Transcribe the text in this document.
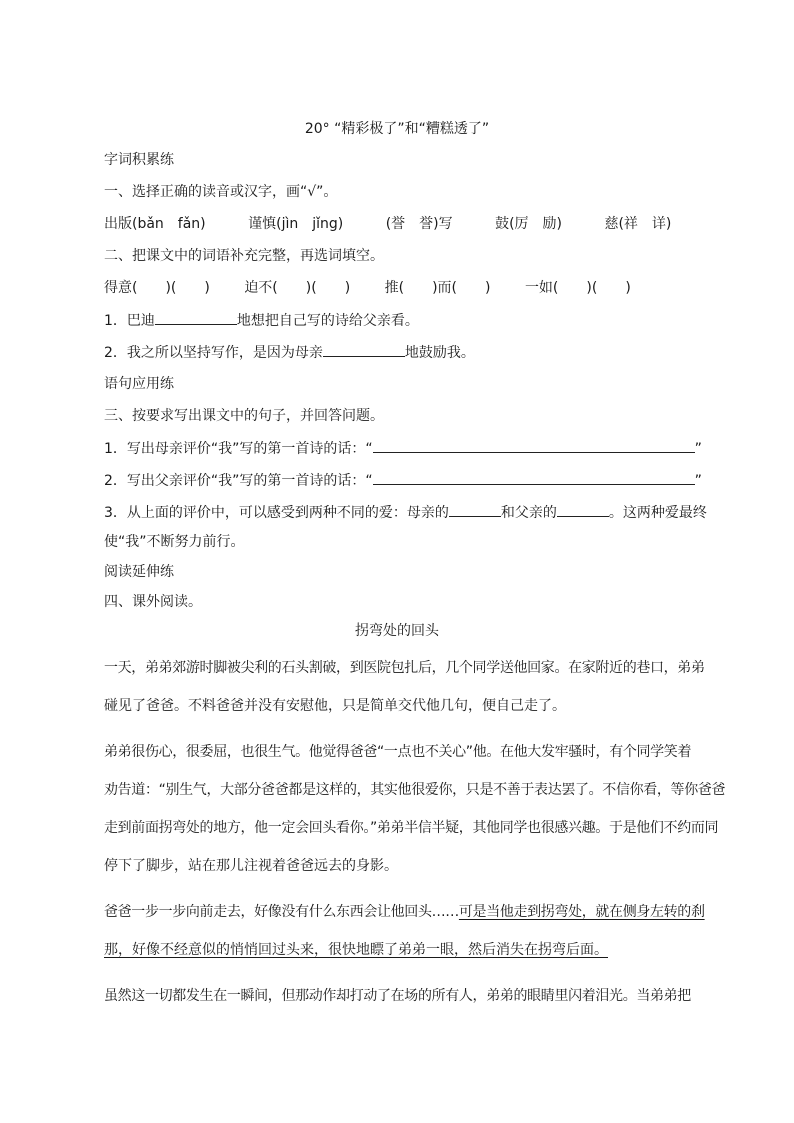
20° “精彩极了”和“糟糕透了”
字词积累练
一、选择正确的读音或汉字，画“√”。
出版(bǎn　fǎn)	谨慎(jìn　jǐng)	(誉　誉)写	鼓(厉　励)	慈(祥　详)
二、把课文中的词语补充完整，再选词填空。
得意(　　)(　　) 迫不(　　)(　　) 推(　　)而(　　) 一如(　　)(　　)
1．巴迪	地想把自己写的诗给父亲看。
2．我之所以坚持写作，是因为母亲	地鼓励我。
语句应用练
三、按要求写出课文中的句子，并回答问题。
1．写出母亲评价“我”写的第一首诗的话：“	”
2．写出父亲评价“我”写的第一首诗的话：“	”
3．从上面的评价中，可以感受到两种不同的爱：母亲的	和父亲的	。这两种爱最终
使“我”不断努力前行。
阅读延伸练
四、课外阅读。
拐弯处的回头
一天，弟弟郊游时脚被尖利的石头割破，到医院包扎后，几个同学送他回家。在家附近的巷口，弟弟
碰见了爸爸。不料爸爸并没有安慰他，只是简单交代他几句，便自己走了。
弟弟很伤心，很委屈，也很生气。他觉得爸爸“一点也不关心”他。在他大发牢骚时，有个同学笑着
劝告道：“别生气，大部分爸爸都是这样的，其实他很爱你，只是不善于表达罢了。不信你看，等你爸爸
走到前面拐弯处的地方，他一定会回头看你。”弟弟半信半疑，其他同学也很感兴趣。于是他们不约而同
停下了脚步，站在那儿注视着爸爸远去的身影。
爸爸一步一步向前走去，好像没有什么东西会让他回头……可是当他走到拐弯处，就在侧身左转的刹
那，好像不经意似的悄悄回过头来，很快地瞟了弟弟一眼，然后消失在拐弯后面。
虽然这一切都发生在一瞬间，但那动作却打动了在场的所有人，弟弟的眼睛里闪着泪光。当弟弟把
